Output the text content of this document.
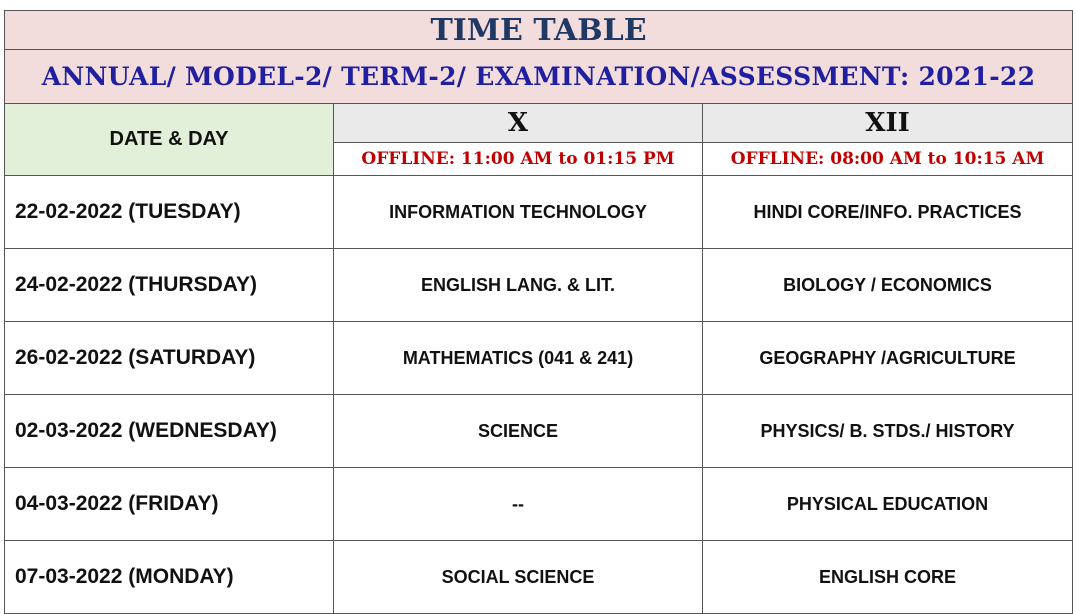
TIME TABLE		
ANNUAL/ MODEL-2/ TERM-2/ EXAMINATION/ASSESSMENT: 2021-22		
DATE & DAY	X	XII
	OFFLINE: 11:00 AM to 01:15 PM	OFFLINE: 08:00 AM to 10:15 AM
22-02-2022 (TUESDAY)	INFORMATION TECHNOLOGY	HINDI CORE/INFO. PRACTICES
24-02-2022 (THURSDAY)	ENGLISH LANG. & LIT.	BIOLOGY / ECONOMICS
26-02-2022 (SATURDAY)	MATHEMATICS (041 & 241)	GEOGRAPHY /AGRICULTURE
02-03-2022 (WEDNESDAY)	SCIENCE	PHYSICS/ B. STDS./ HISTORY
04-03-2022 (FRIDAY)	--	PHYSICAL EDUCATION
07-03-2022 (MONDAY)	SOCIAL SCIENCE	ENGLISH CORE
